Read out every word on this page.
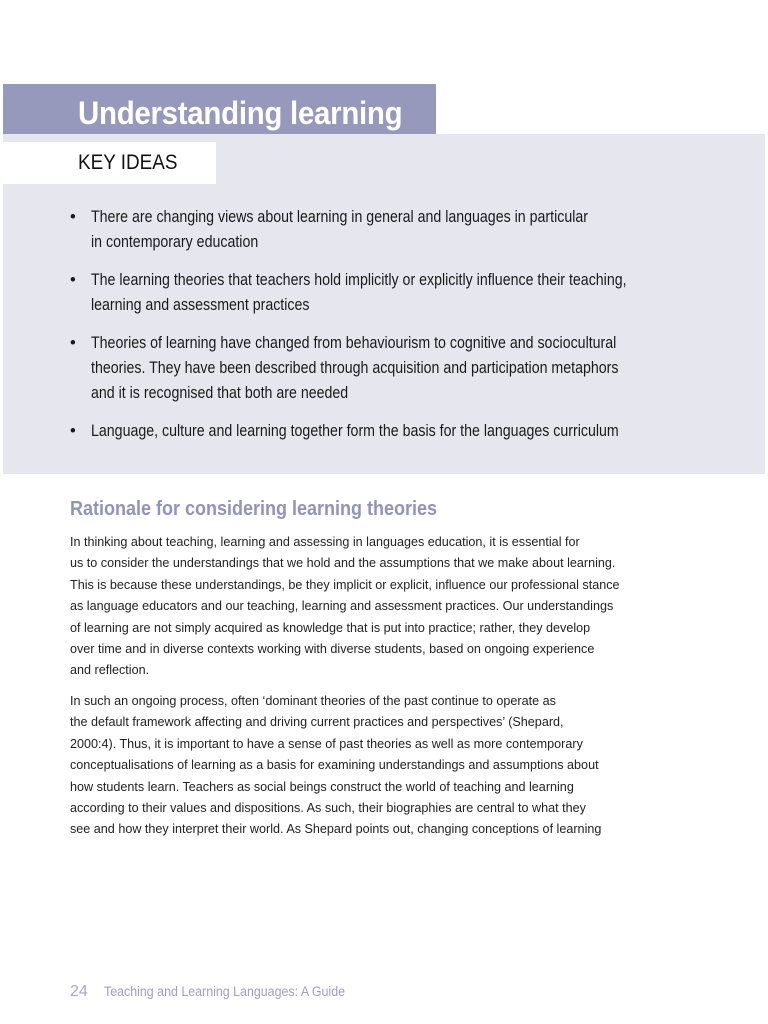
Understanding learning
KEY IDEAS
• There are changing views about learning in general and languages in particular
in contemporary education
• The learning theories that teachers hold implicitly or explicitly influence their teaching,
learning and assessment practices
• Theories of learning have changed from behaviourism to cognitive and sociocultural
theories. They have been described through acquisition and participation metaphors
and it is recognised that both are needed
• Language, culture and learning together form the basis for the languages curriculum
Rationale for considering learning theories

In thinking about teaching, learning and assessing in languages education, it is essential for
us to consider the understandings that we hold and the assumptions that we make about learning.
This is because these understandings, be they implicit or explicit, influence our professional stance
as language educators and our teaching, learning and assessment practices. Our understandings
of learning are not simply acquired as knowledge that is put into practice; rather, they develop
over time and in diverse contexts working with diverse students, based on ongoing experience
and reflection.

In such an ongoing process, often ‘dominant theories of the past continue to operate as
the default framework affecting and driving current practices and perspectives’ (Shepard,
2000:4). Thus, it is important to have a sense of past theories as well as more contemporary
conceptualisations of learning as a basis for examining understandings and assumptions about
how students learn. Teachers as social beings construct the world of teaching and learning
according to their values and dispositions. As such, their biographies are central to what they
see and how they interpret their world. As Shepard points out, changing conceptions of learning

24 Teaching and Learning Languages: A Guide
